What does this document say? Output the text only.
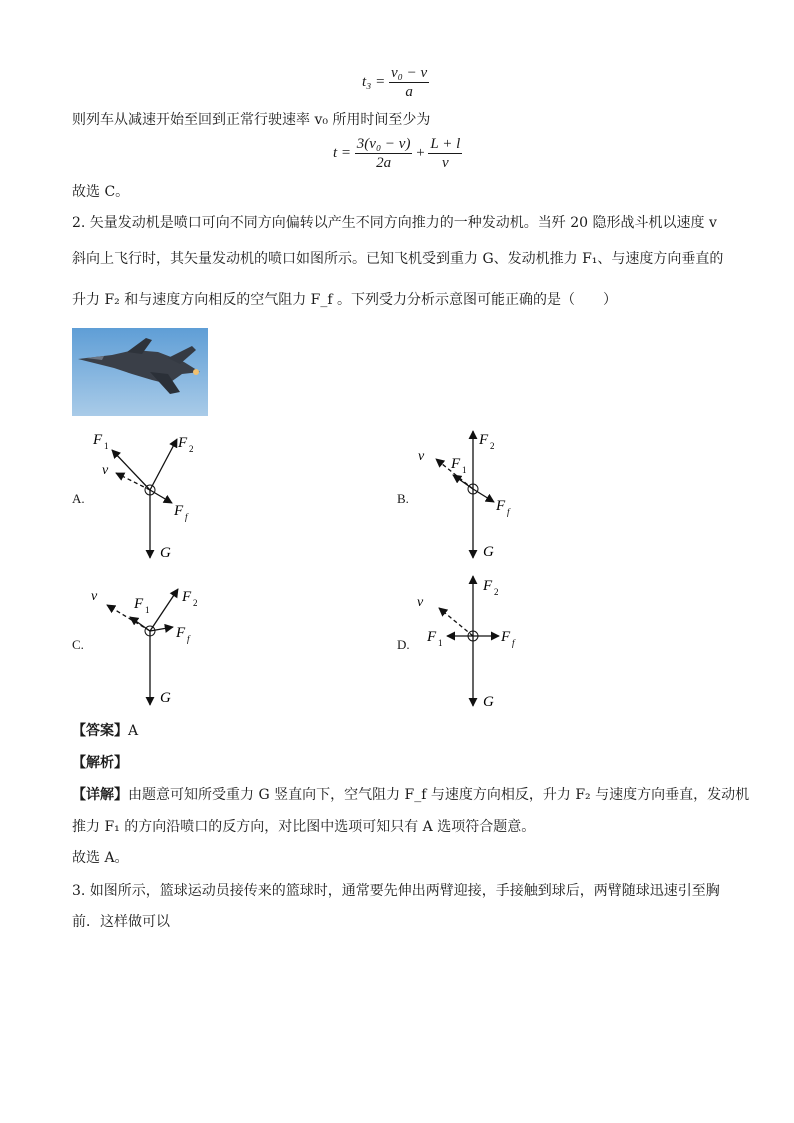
$t_3 = \frac{\text{v₀ − v}}{a}$
则列车从减速开始至回到正常行驶速率 v₀ 所用时间至少为
$t = \frac{\text{3(v₀ − v)}}{2a} + \frac{L + l}{v}$
故选 C。
2. 矢量发动机是喷口可向不同方向偏转以产生不同方向推力的一种发动机。当歼 20 隐形战斗机以速度 v
斜向上飞行时，其矢量发动机的喷口如图所示。已知飞机受到重力 G、发动机推力 F₁、与速度方向垂直的
升力 F₂ 和与速度方向相反的空气阻力 F_f 。下列受力分析示意图可能正确的是（　　）
A.
F 1	F 2
v
F f
G
B.
F 2
v F 1
F f
G
C.
v F 1
F 2
F f
G
D.
F 2
v
F 1	F f
G
【答案】A
【解析】
【详解】由题意可知所受重力 G 竖直向下，空气阻力 F_f 与速度方向相反，升力 F₂ 与速度方向垂直，发动机
推力 F₁ 的方向沿喷口的反方向，对比图中选项可知只有 A 选项符合题意。
故选 A。
3. 如图所示，篮球运动员接传来的篮球时，通常要先伸出两臂迎接，手接触到球后，两臂随球迅速引至胸
前．这样做可以
